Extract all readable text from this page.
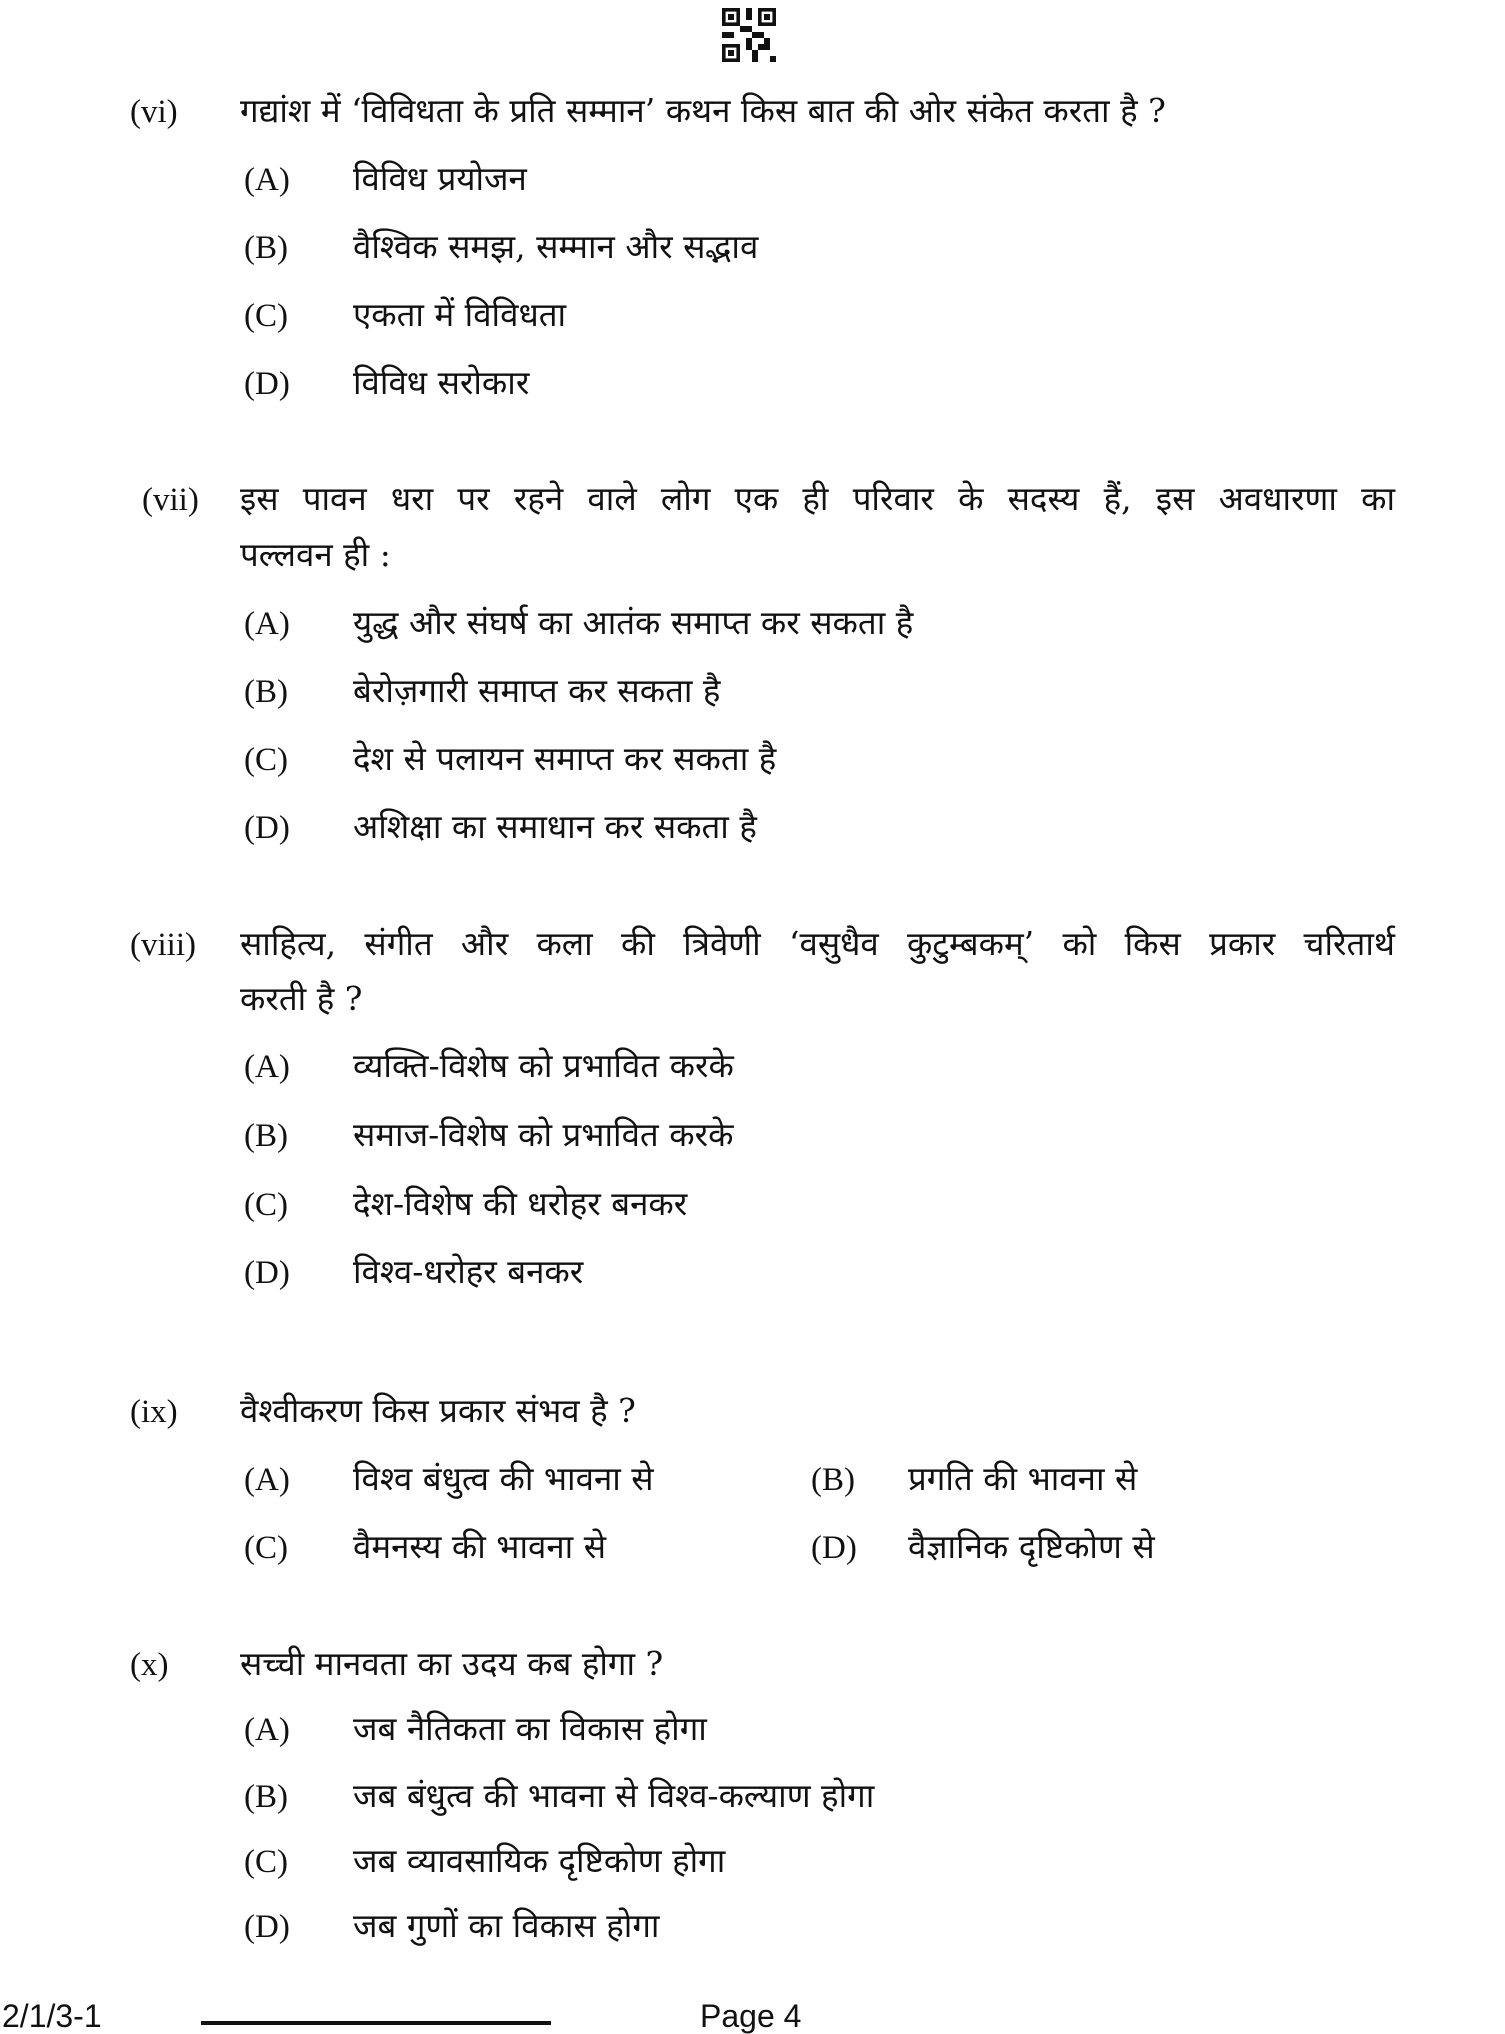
(vi) गद्यांश में ‘विविधता के प्रति सम्मान’ कथन किस बात की ओर संकेत करता है ?
(A) विविध प्रयोजन
(B) वैश्विक समझ, सम्मान और सद्भाव
(C) एकता में विविधता
(D) विविध सरोकार
(vii) इस पावन धरा पर रहने वाले लोग एक ही परिवार के सदस्य हैं, इस अवधारणा का
पल्लवन ही :
(A) युद्ध और संघर्ष का आतंक समाप्त कर सकता है
(B) बेरोज़गारी समाप्त कर सकता है
(C) देश से पलायन समाप्त कर सकता है
(D) अशिक्षा का समाधान कर सकता है
(viii) साहित्य, संगीत और कला की त्रिवेणी ‘वसुधैव कुटुम्बकम्’ को किस प्रकार चरितार्थ
करती है ?
(A) व्यक्ति-विशेष को प्रभावित करके
(B) समाज-विशेष को प्रभावित करके
(C) देश-विशेष की धरोहर बनकर
(D) विश्व-धरोहर बनकर
(ix) वैश्वीकरण किस प्रकार संभव है ?
(A) विश्व बंधुत्व की भावना से	(B) प्रगति की भावना से
(C) वैमनस्य की भावना से	(D) वैज्ञानिक दृष्टिकोण से
(x) सच्ची मानवता का उदय कब होगा ?
(A) जब नैतिकता का विकास होगा
(B) जब बंधुत्व की भावना से विश्व-कल्याण होगा
(C) जब व्यावसायिक दृष्टिकोण होगा
(D) जब गुणों का विकास होगा
2/1/3-1	Page 4
